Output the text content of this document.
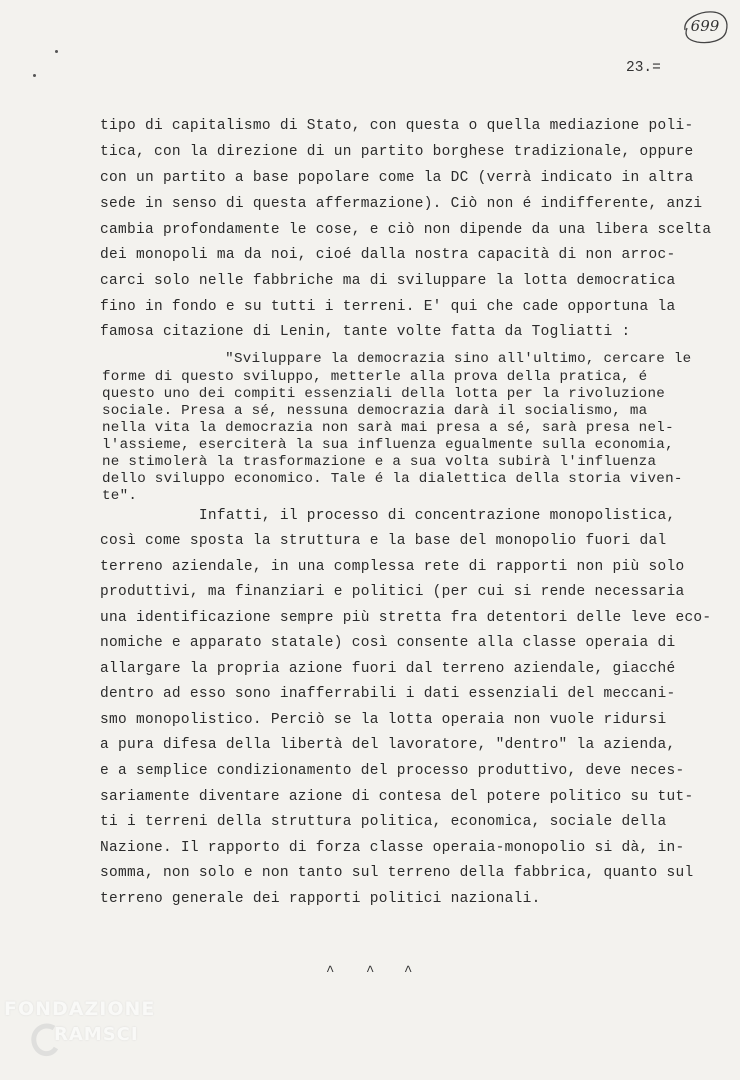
699
23.=
tipo di capitalismo di Stato, con questa o quella mediazione poli-
tica, con la direzione di un partito borghese tradizionale, oppure
con un partito a base popolare come la DC (verrà indicato in altra
sede in senso di questa affermazione). Ciò non é indifferente, anzi
cambia profondamente le cose, e ciò non dipende da una libera scelta
dei monopoli ma da noi, cioé dalla nostra capacità di non arroc-
carci solo nelle fabbriche ma di sviluppare la lotta democratica
fino in fondo e su tutti i terreni. E' qui che cade opportuna la
famosa citazione di Lenin, tante volte fatta da Togliatti :
"Sviluppare la democrazia sino all'ultimo, cercare le
forme di questo sviluppo, metterle alla prova della pratica, é
questo uno dei compiti essenziali della lotta per la rivoluzione
sociale. Presa a sé, nessuna democrazia darà il socialismo, ma
nella vita la democrazia non sarà mai presa a sé, sarà presa nel-
l'assieme, eserciterà la sua influenza egualmente sulla economia,
ne stimolerà la trasformazione e a sua volta subirà l'influenza
dello sviluppo economico. Tale é la dialettica della storia viven-
te".
Infatti, il processo di concentrazione monopolistica,
così come sposta la struttura e la base del monopolio fuori dal
terreno aziendale, in una complessa rete di rapporti non più solo
produttivi, ma finanziari e politici (per cui si rende necessaria
una identificazione sempre più stretta fra detentori delle leve eco-
nomiche e apparato statale) così consente alla classe operaia di
allargare la propria azione fuori dal terreno aziendale, giacché
dentro ad esso sono inafferrabili i dati essenziali del meccani-
smo monopolistico. Perciò se la lotta operaia non vuole ridursi
a pura difesa della libertà del lavoratore, "dentro" la azienda,
e a semplice condizionamento del processo produttivo, deve neces-
sariamente diventare azione di contesa del potere politico su tut-
ti i terreni della struttura politica, economica, sociale della
Nazione. Il rapporto di forza classe operaia-monopolio si dà, in-
somma, non solo e non tanto sul terreno della fabbrica, quanto sul
terreno generale dei rapporti politici nazionali.
^ ^ ^
FONDAZIONE
RAMSCI
